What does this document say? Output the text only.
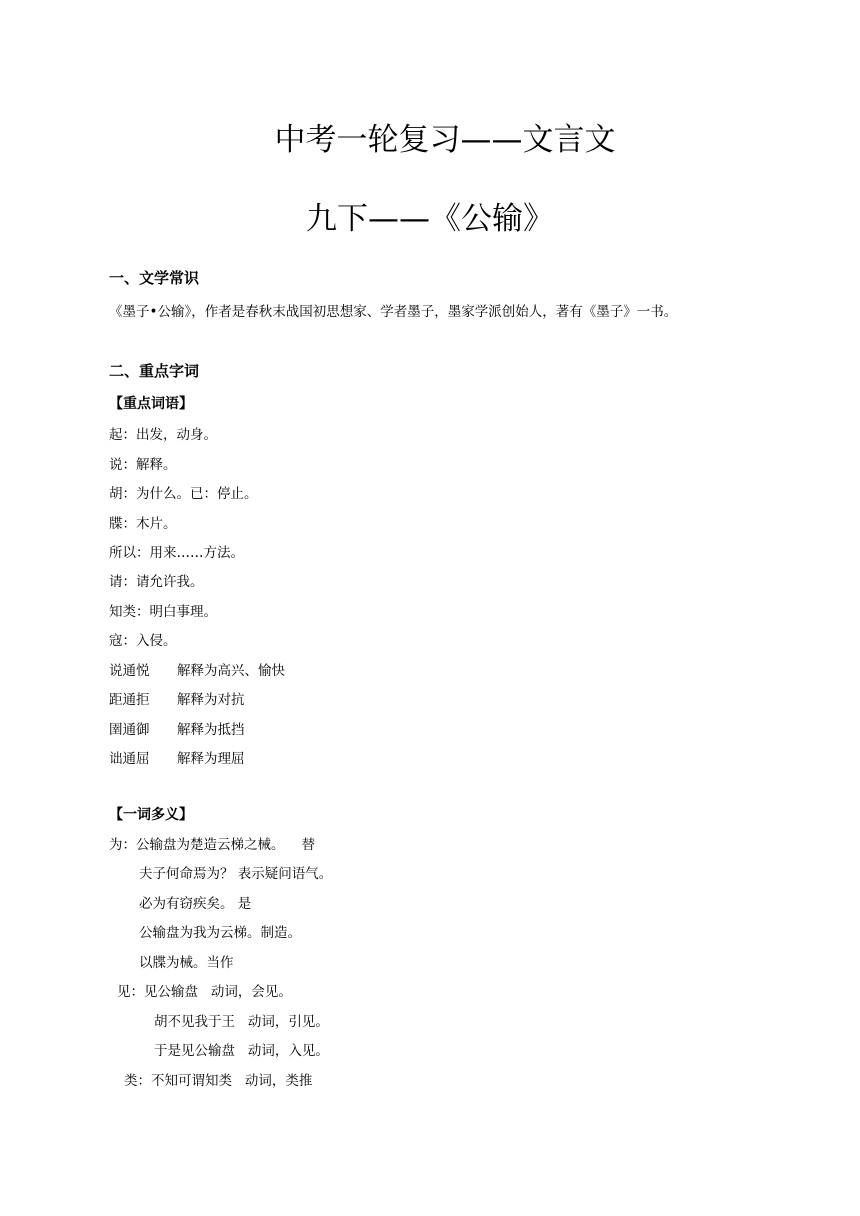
中考一轮复习——文言文
九下——《公输》
一、文学常识
《墨子•公输》，作者是春秋末战国初思想家、学者墨子，墨家学派创始人，著有《墨子》一书。
二、重点字词
【重点词语】
起：出发，动身。
说：解释。
胡：为什么。已：停止。
牒：木片。
所以：用来……方法。
请：请允许我。
知类：明白事理。
寇：入侵。
说通悦 解释为高兴、愉快
距通拒 解释为对抗
圉通御 解释为抵挡
诎通屈 解释为理屈
【一词多义】
为：公输盘为楚造云梯之械。    替
夫子何命焉为？ 表示疑问语气。
必为有窃疾矣。 是
公输盘为我为云梯。制造。
以牒为械。当作
见：见公输盘   动词，会见。
胡不见我于王   动词，引见。
于是见公输盘   动词，入见。
类：不知可谓知类   动词，类推
